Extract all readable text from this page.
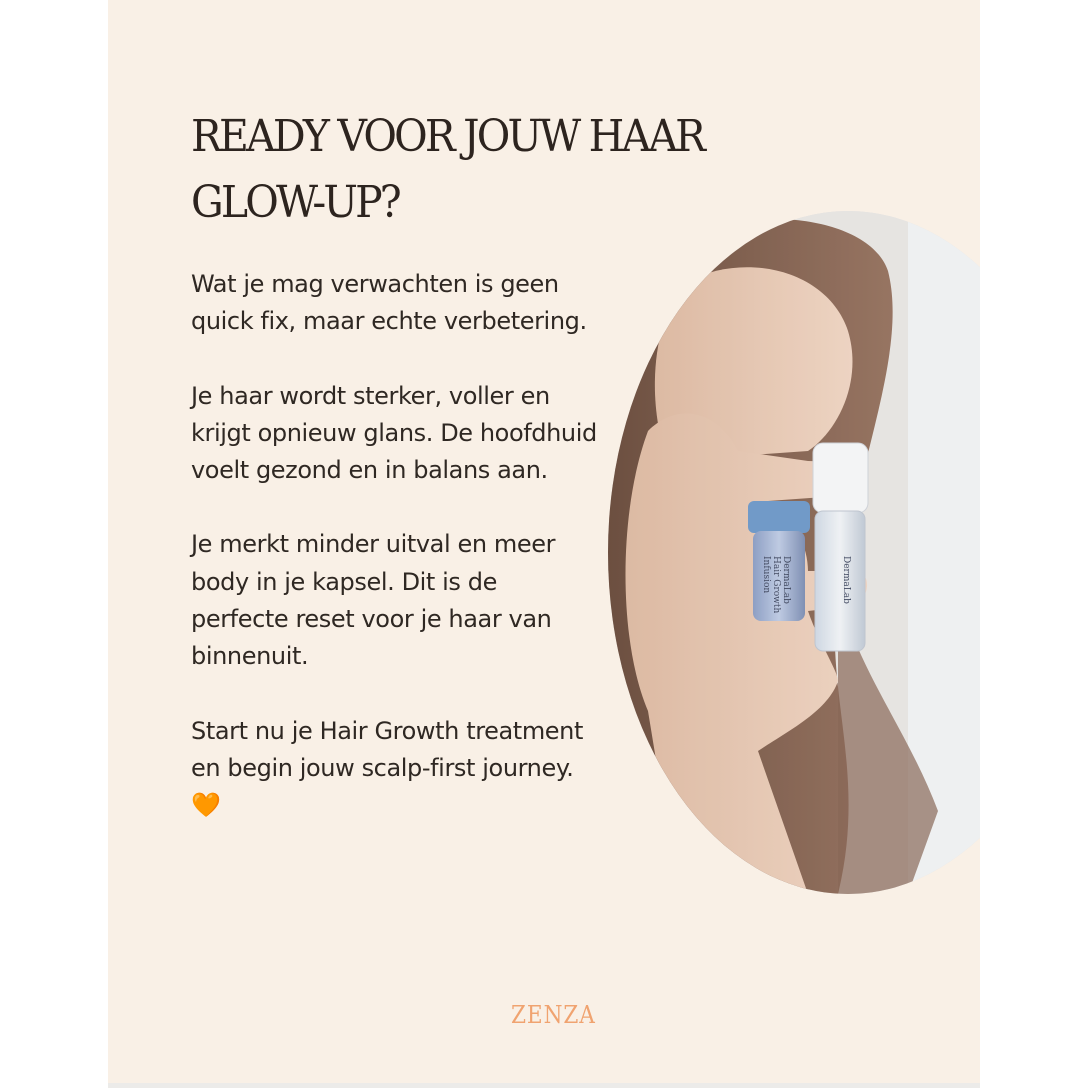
READY VOOR JOUW HAAR GLOW-UP?

Wat je mag verwachten is geen quick fix, maar echte verbetering.

Je haar wordt sterker, voller en krijgt opnieuw glans. De hoofdhuid voelt gezond en in balans aan.

Je merkt minder uitval en meer body in je kapsel. Dit is de perfecte reset voor je haar van binnenuit.

Start nu je Hair Growth treatment en begin jouw scalp-first journey. 🧡

DermaLab
Hair Growth
Infusion	DermaLab
ZENZA
